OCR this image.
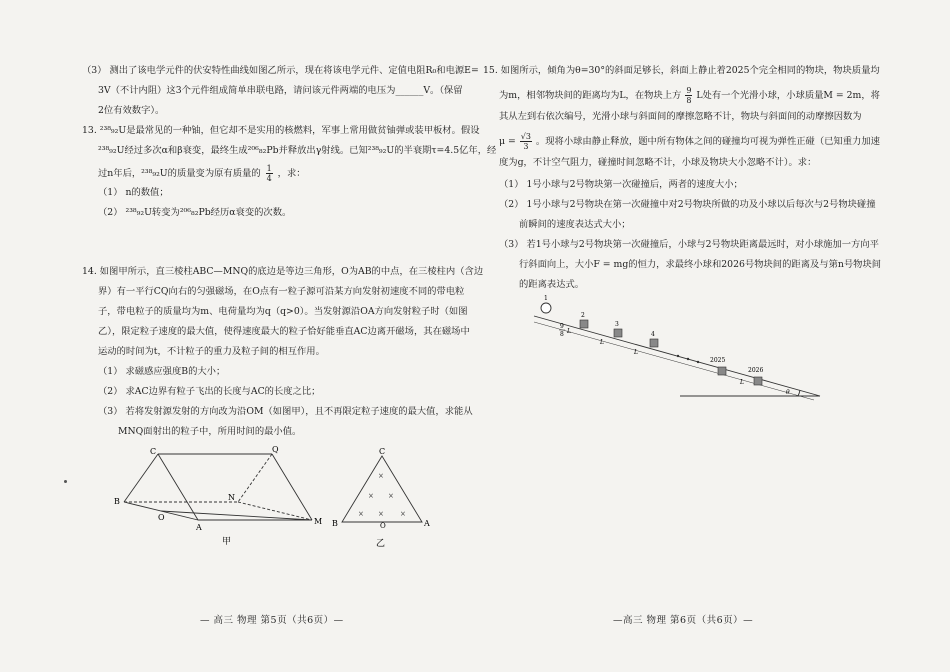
（3） 测出了该电学元件的伏安特性曲线如图乙所示，现在将该电学元件、定值电阻R₀和电源E=
3V（不计内阻）这3个元件组成简单串联电路，请问该元件两端的电压为______V。（保留
2位有效数字）。
13. ²³⁸₉₂U是最常见的一种铀，但它却不是实用的核燃料，军事上常用做贫铀弹或装甲板材。假设
²³⁸₉₂U经过多次α和β衰变，最终生成²⁰⁶₈₂Pb并释放出γ射线。已知²³⁸₉₂U的半衰期τ=4.5亿年，经
过n年后，²³⁸₉₂U的质量变为原有质量的 $\frac{1}{4}$ ，求：
（1） n的数值；
（2） ²³⁸₉₂U转变为²⁰⁶₈₂Pb经历α衰变的次数。
14. 如图甲所示，直三棱柱ABC—MNQ的底边是等边三角形，O为AB的中点，在三棱柱内（含边
界）有一平行CQ向右的匀强磁场，在O点有一粒子源可沿某方向发射初速度不同的带电粒
子，带电粒子的质量均为m、电荷量均为q（q>0）。当发射源沿OA方向发射粒子时（如图
乙），限定粒子速度的最大值，使得速度最大的粒子恰好能垂直AC边离开磁场，其在磁场中
运动的时间为t，不计粒子的重力及粒子间的相互作用。
（1） 求磁感应强度B的大小；
（2） 求AC边界有粒子飞出的长度与AC的长度之比；
（3） 若将发射源发射的方向改为沿OM（如图甲），且不再限定粒子速度的最大值，求能从
MNQ面射出的粒子中，所用时间的最小值。
C	Q
B	N
O
A
M
甲
C
B	A
O
×
× ×
× × ×
乙
— 高三 物理 第5页（共6页）—
15. 如图所示，倾角为θ=30°的斜面足够长，斜面上静止着2025个完全相同的物块，物块质量均
为m，相邻物块间的距离均为L，在物块上方 $\frac{9}{8}$ L处有一个光滑小球，小球质量M = 2m，将
其从左到右依次编号，光滑小球与斜面间的摩擦忽略不计，物块与斜面间的动摩擦因数为
$\mu = \frac{√3}{3}$ 。现将小球由静止释放，题中所有物体之间的碰撞均可视为弹性正碰（已知重力加速
度为g，不计空气阻力，碰撞时间忽略不计，小球及物块大小忽略不计）。求：
（1） 1号小球与2号物块第一次碰撞后，两者的速度大小；
（2） 1号小球与2号物块在第一次碰撞中对2号物块所做的功及小球以后每次与2号物块碰撞
前瞬间的速度表达式大小；
（3） 若1号小球与2号物块第一次碰撞后，小球与2号物块距离最远时，对小球施加一方向平
行斜面向上，大小F = mg的恒力，求最终小球和2026号物块间的距离及与第n号物块间
的距离表达式。
1
2
3
4
2025
2026
9
8 L
L
L
L
θ
—高三 物理 第6页（共6页）—
